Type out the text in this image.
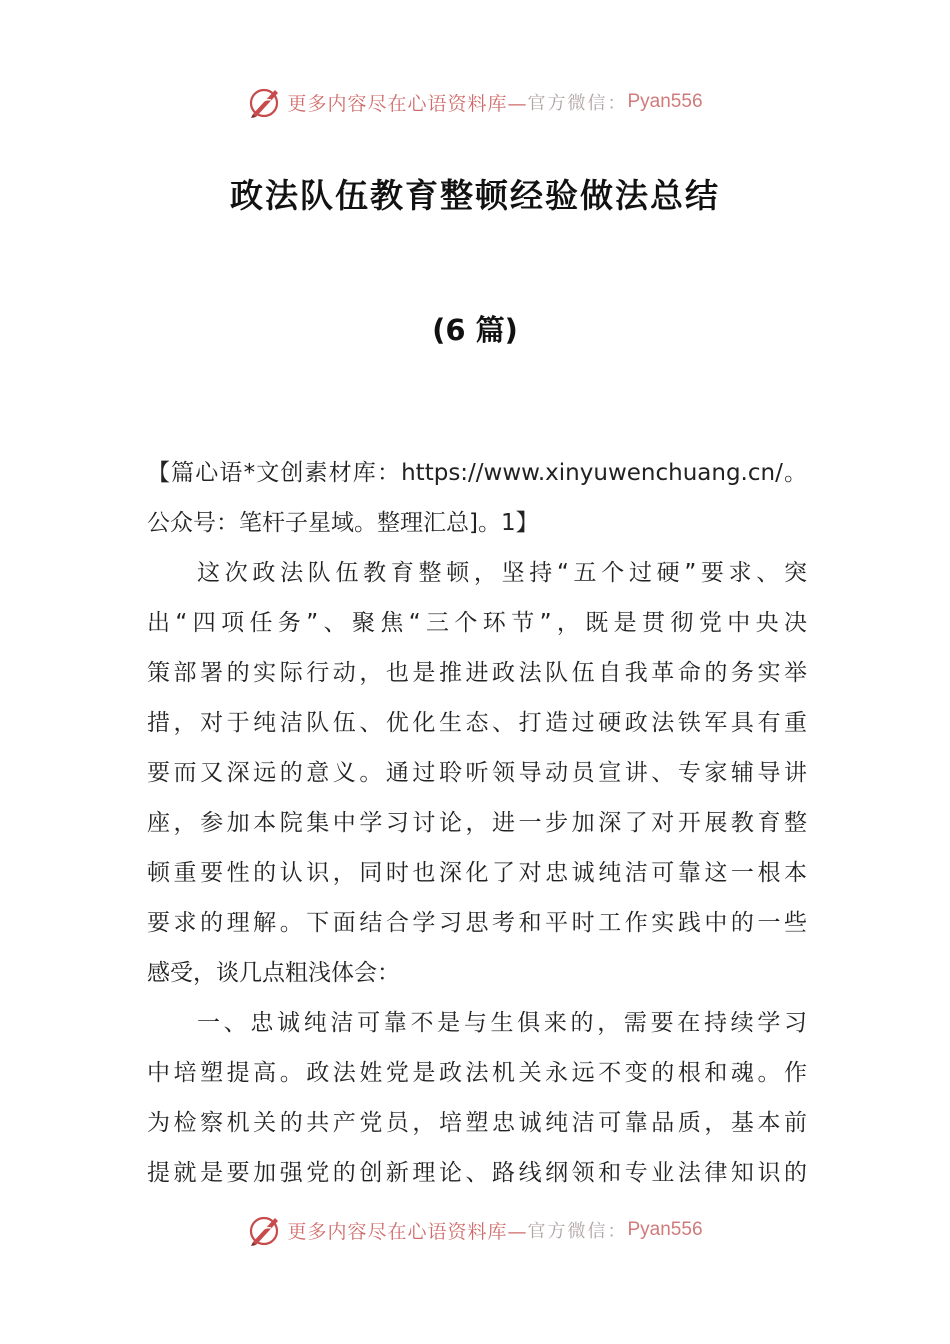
更多内容尽在心语资料库— 官方微信： Pyan556
政法队伍教育整顿经验做法总结
(6 篇)
【篇心语*文创素材库：https://www.xinyuwenchuang.cn/。
公众号：笔杆子星域。整理汇总]。1】
这次政法队伍教育整顿，坚持“五个过硬”要求、突
出“四项任务”、聚焦“三个环节”，既是贯彻党中央决
策部署的实际行动，也是推进政法队伍自我革命的务实举
措，对于纯洁队伍、优化生态、打造过硬政法铁军具有重
要而又深远的意义。通过聆听领导动员宣讲、专家辅导讲
座，参加本院集中学习讨论，进一步加深了对开展教育整
顿重要性的认识，同时也深化了对忠诚纯洁可靠这一根本
要求的理解。下面结合学习思考和平时工作实践中的一些
感受，谈几点粗浅体会：
一、忠诚纯洁可靠不是与生俱来的，需要在持续学习
中培塑提高。政法姓党是政法机关永远不变的根和魂。作
为检察机关的共产党员，培塑忠诚纯洁可靠品质，基本前
提就是要加强党的创新理论、路线纲领和专业法律知识的
更多内容尽在心语资料库— 官方微信： Pyan556
